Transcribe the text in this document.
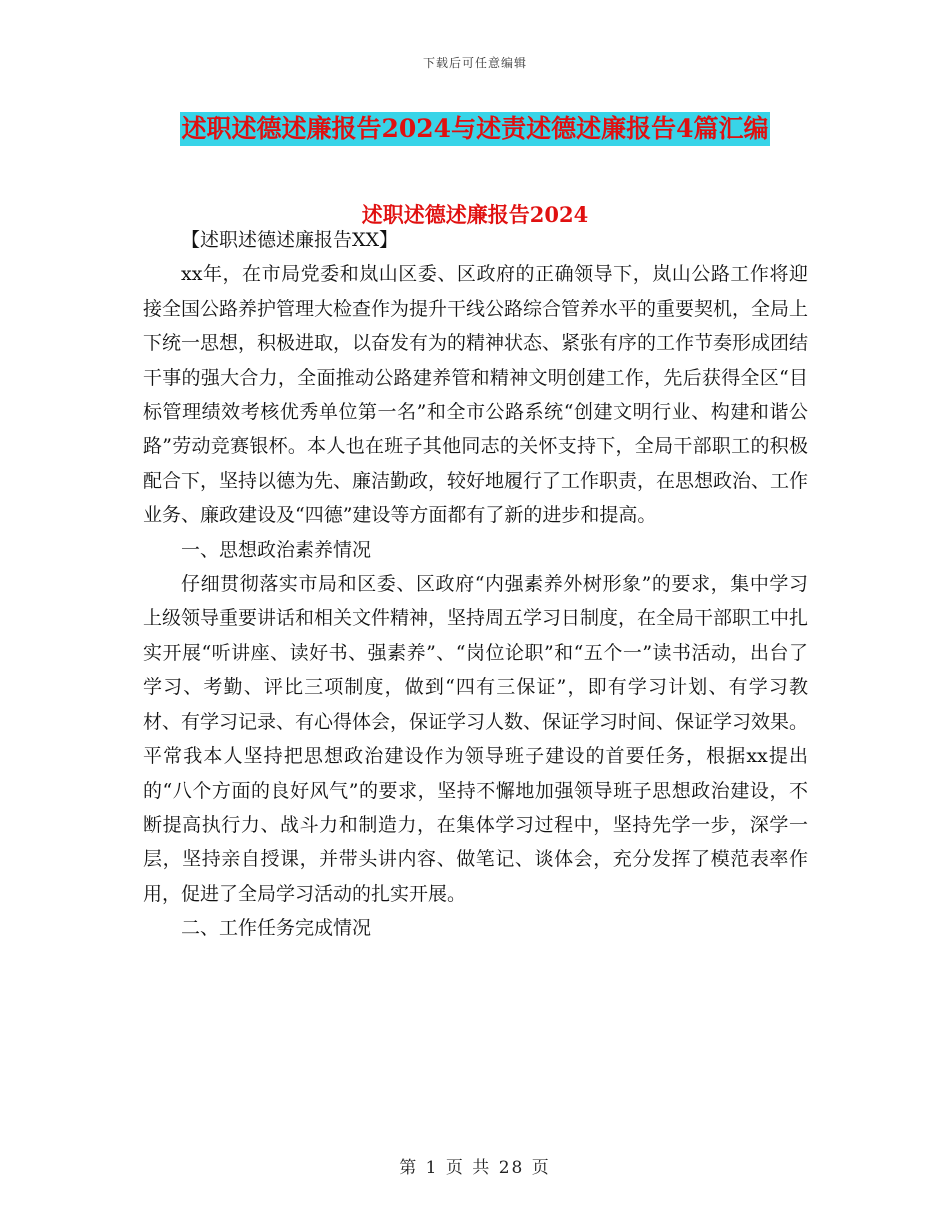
下载后可任意编辑
述职述德述廉报告2024与述责述德述廉报告4篇汇编
述职述德述廉报告2024

【述职述德述廉报告XX】

xx年，在市局党委和岚山区委、区政府的正确领导下，岚山公路工作将迎接全国公路养护管理大检查作为提升干线公路综合管养水平的重要契机，全局上下统一思想，积极进取，以奋发有为的精神状态、紧张有序的工作节奏形成团结干事的强大合力，全面推动公路建养管和精神文明创建工作，先后获得全区“目标管理绩效考核优秀单位第一名”和全市公路系统“创建文明行业、构建和谐公路”劳动竞赛银杯。本人也在班子其他同志的关怀支持下，全局干部职工的积极配合下，坚持以德为先、廉洁勤政，较好地履行了工作职责，在思想政治、工作业务、廉政建设及“四德”建设等方面都有了新的进步和提高。

一、思想政治素养情况

仔细贯彻落实市局和区委、区政府“内强素养外树形象”的要求，集中学习上级领导重要讲话和相关文件精神，坚持周五学习日制度，在全局干部职工中扎实开展“听讲座、读好书、强素养”、“岗位论职”和“五个一”读书活动，出台了学习、考勤、评比三项制度，做到“四有三保证”，即有学习计划、有学习教材、有学习记录、有心得体会，保证学习人数、保证学习时间、保证学习效果。平常我本人坚持把思想政治建设作为领导班子建设的首要任务，根据xx提出的“八个方面的良好风气”的要求，坚持不懈地加强领导班子思想政治建设，不断提高执行力、战斗力和制造力，在集体学习过程中，坚持先学一步，深学一层，坚持亲自授课，并带头讲内容、做笔记、谈体会，充分发挥了模范表率作用，促进了全局学习活动的扎实开展。

二、工作任务完成情况

第 1 页 共 28 页
